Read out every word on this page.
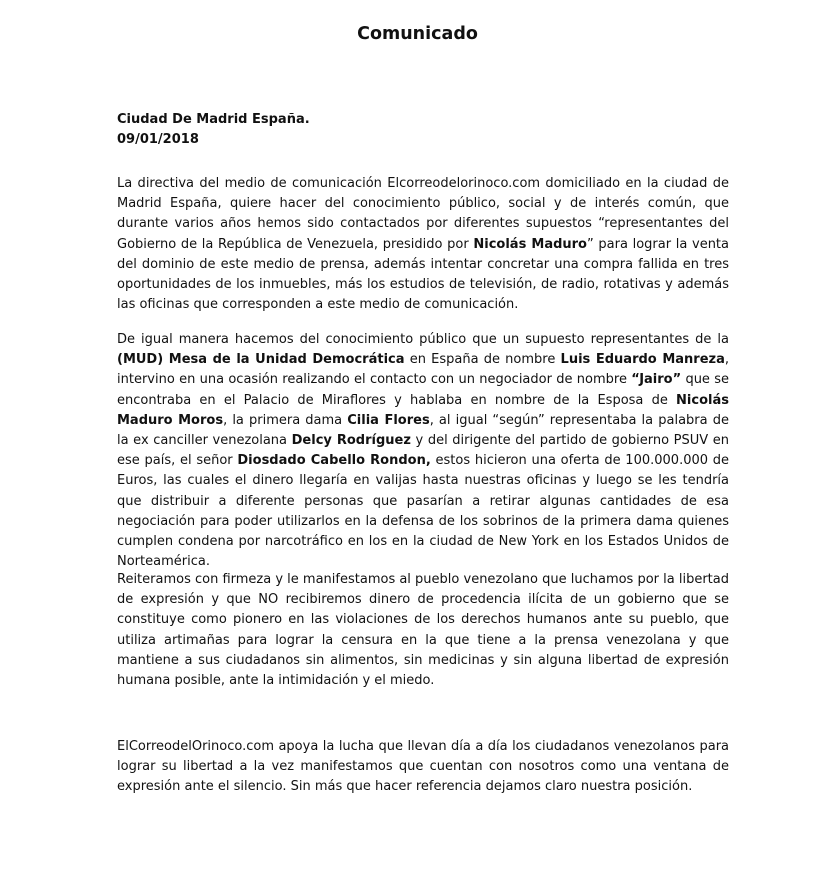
Comunicado
Ciudad De Madrid España.
09/01/2018

La directiva del medio de comunicación Elcorreodelorinoco.com domiciliado en la ciudad de Madrid España, quiere hacer del conocimiento público, social y de interés común, que durante varios años hemos sido contactados por diferentes supuestos “representantes del Gobierno de la República de Venezuela, presidido por Nicolás Maduro” para lograr la venta del dominio de este medio de prensa, además intentar concretar una compra fallida en tres oportunidades de los inmuebles, más los estudios de televisión, de radio, rotativas y además las oficinas que corresponden a este medio de comunicación.

De igual manera hacemos del conocimiento público que un supuesto representantes de la (MUD) Mesa de la Unidad Democrática en España de nombre Luis Eduardo Manreza, intervino en una ocasión realizando el contacto con un negociador de nombre “Jairo” que se encontraba en el Palacio de Miraflores y hablaba en nombre de la Esposa de Nicolás Maduro Moros, la primera dama Cilia Flores, al igual “según” representaba la palabra de la ex canciller venezolana Delcy Rodríguez y del dirigente del partido de gobierno PSUV en ese país, el señor Diosdado Cabello Rondon, estos hicieron una oferta de 100.000.000 de Euros, las cuales el dinero llegaría en valijas hasta nuestras oficinas y luego se les tendría que distribuir a diferente personas que pasarían a retirar algunas cantidades de esa negociación para poder utilizarlos en la defensa de los sobrinos de la primera dama quienes cumplen condena por narcotráfico en los en la ciudad de New York en los Estados Unidos de Norteamérica.

Reiteramos con firmeza y le manifestamos al pueblo venezolano que luchamos por la libertad de expresión y que NO recibiremos dinero de procedencia ilícita de un gobierno que se constituye como pionero en las violaciones de los derechos humanos ante su pueblo, que utiliza artimañas para lograr la censura en la que tiene a la prensa venezolana y que mantiene a sus ciudadanos sin alimentos, sin medicinas y sin alguna libertad de expresión humana posible, ante la intimidación y el miedo.

ElCorreodelOrinoco.com apoya la lucha que llevan día a día los ciudadanos venezolanos para lograr su libertad a la vez manifestamos que cuentan con nosotros como una ventana de expresión ante el silencio. Sin más que hacer referencia dejamos claro nuestra posición.
